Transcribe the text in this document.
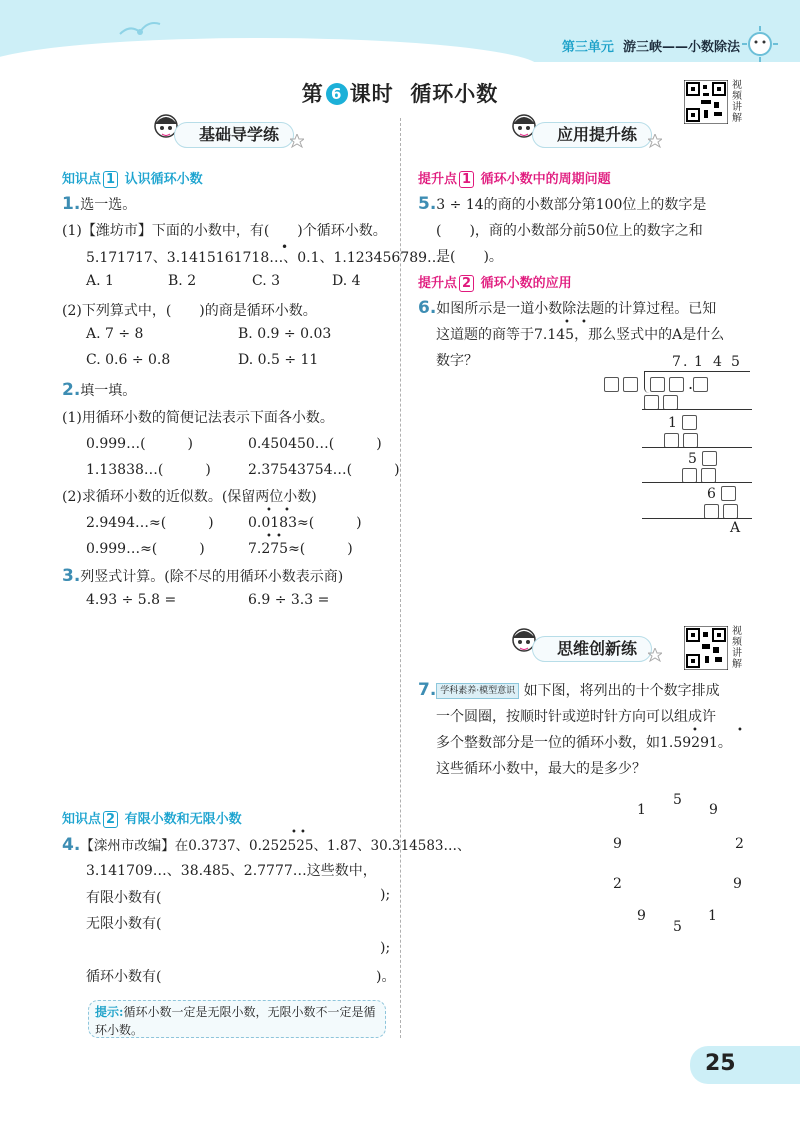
第三单元 游三峡——小数除法
第 6 课时 循环小数	视频讲解
基础导学练
知识点 1 认识循环小数
1.选一选。
(1)【潍坊市】下面的小数中，有(　　)个循环小数。
5.171717、3.1415161718…、0.1、1.123456789…
•
A. 1	B. 2	C. 3	D. 4
(2)下列算式中，(　　)的商是循环小数。
A. 7 ÷ 8	B. 0.9 ÷ 0.03
C. 0.6 ÷ 0.8	D. 0.5 ÷ 11
2.填一填。
(1)用循环小数的简便记法表示下面各小数。
0.999…(　　　)	0.450450…(　　　)
1.13838…(　　　)	2.37543754…(　　　)
(2)求循环小数的近似数。(保留两位小数)
2.9494…≈(　　　) 0.0183≈(　　　)
• •
0.999…≈(　　　)	7.275≈(　　　)
• •
3.列竖式计算。(除不尽的用循环小数表示商)
4.93 ÷ 5.8 =	6.9 ÷ 3.3 =
知识点 2 有限小数和无限小数
4.【滦州市改编】在0.3737、0.252525、1.87、30.314583…、
• •
3.141709…、38.485、2.7777…这些数中，
有限小数有(	);
无限小数有(
);
循环小数有(	)。
提示:循环小数一定是无限小数，无限小数不一定是循环小数。
应用提升练
提升点 1 循环小数中的周期问题
5.3 ÷ 14的商的小数部分第100位上的数字是
(　　)，商的小数部分前50位上的数字之和
是(　　)。
提升点 2 循环小数的应用
6.如图所示是一道小数除法题的计算过程。已知
这道题的商等于7.145，那么竖式中的A是什么
• •
数字？	7 . 1 4 5
.
1
5
6
A
思维创新练
视频讲解
7. 学科素养·模型意识 如下图，将列出的十个数字排成
一个圆圈，按顺时针或逆时针方向可以组成许
多个整数部分是一位的循环小数，如1.59291。
•	•
这些循环小数中，最大的是多少？
5
9
2
9
1
5
9
2
9
1
25
